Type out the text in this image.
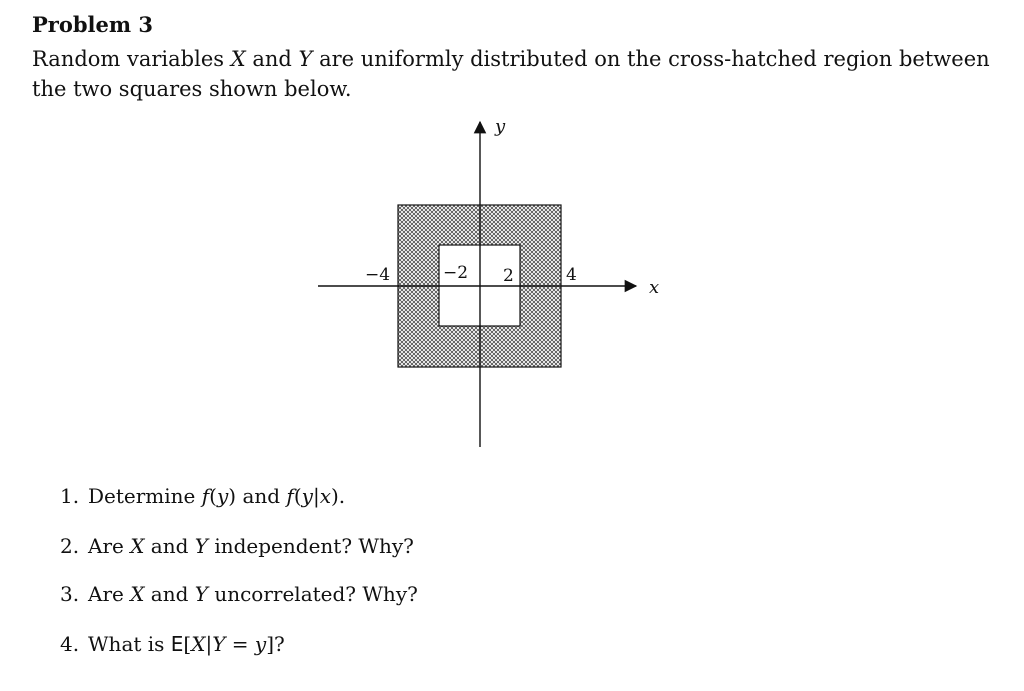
Problem 3
Random variables X and Y are uniformly distributed on the cross-hatched region between the two squares shown below.
y
x
−4	−2 2	4
1. Determine f(y) and f(y|x).
2. Are X and Y independent? Why?
3. Are X and Y uncorrelated? Why?
4. What is E[X|Y = y]?
